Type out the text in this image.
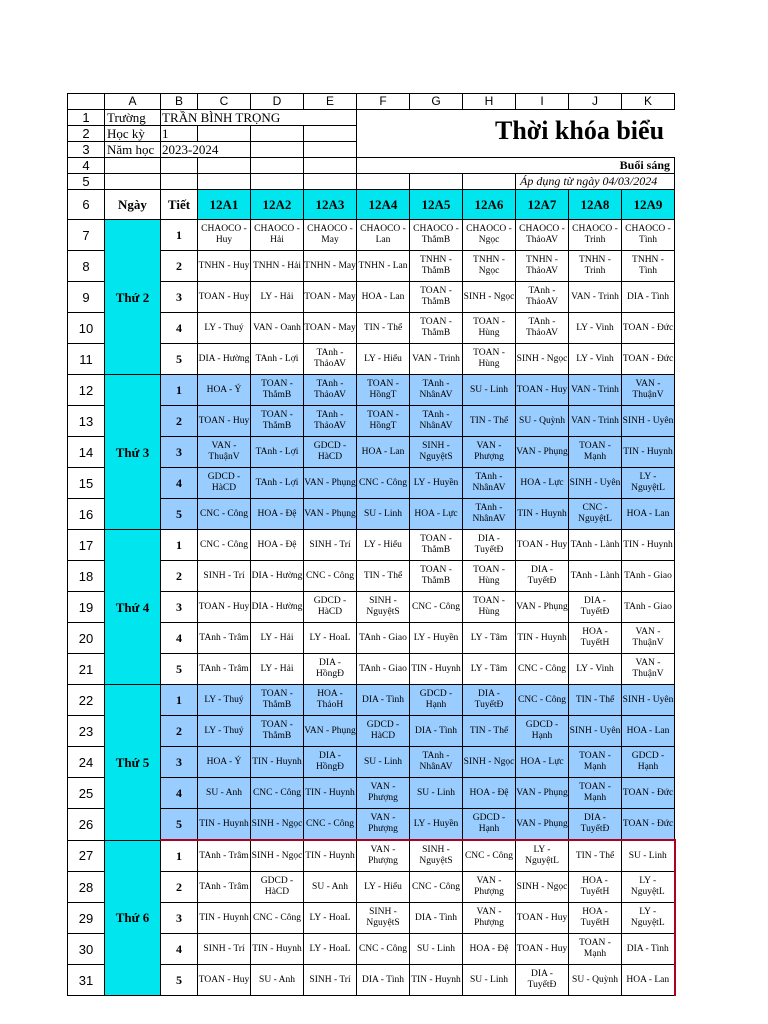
	A	B	C	D	E	F	G	H	I	J	K
1	Trường	TRẦN BÌNH TRỌNG				Thời khóa biểu					

2	Học kỳ	1									
3	Năm học	2023-2024									
4						Buổi sáng					
5									Áp dụng từ ngày 04/03/2024		
6	Ngày	Tiết	12A1	12A2	12A3	12A4	12A5	12A6	12A7	12A8	12A9
7	Thứ 2	1	CHAOCO - Huy	CHAOCO - Hải	CHAOCO - May	CHAOCO - Lan	CHAOCO - ThắmB	CHAOCO - Ngọc	CHAOCO - ThảoAV	CHAOCO - Trinh	CHAOCO - Tình
8		2	TNHN - Huy	TNHN - Hải	TNHN - May	TNHN - Lan	TNHN - ThắmB	TNHN - Ngọc	TNHN - ThảoAV	TNHN - Trinh	TNHN - Tình
9		3	TOAN - Huy	LY - Hải	TOAN - May	HOA - Lan	TOAN - ThắmB	SINH - Ngọc	TAnh - ThảoAV	VAN - Trinh	DIA - Tình
10		4	LY - Thuý	VAN - Oanh	TOAN - May	TIN - Thể	TOAN - ThắmB	TOAN - Hùng	TAnh - ThảoAV	LY - Vinh	TOAN - Đức
11		5	DIA - Hường	TAnh - Lợi	TAnh - ThảoAV	LY - Hiểu	VAN - Trinh	TOAN - Hùng	SINH - Ngọc	LY - Vinh	TOAN - Đức
12	Thứ 3	1	HOA - Ý	TOAN - ThắmB	TAnh - ThảoAV	TOAN - HồngT	TAnh - NhânAV	SU - Linh	TOAN - Huy	VAN - Trinh	VAN - ThuậnV
13		2	TOAN - Huy	TOAN - ThắmB	TAnh - ThảoAV	TOAN - HồngT	TAnh - NhânAV	TIN - Thể	SU - Quỳnh	VAN - Trinh	SINH - Uyên
14		3	VAN - ThuậnV	TAnh - Lợi	GDCD - HàCD	HOA - Lan	SINH - NguyệtS	VAN - Phượng	VAN - Phụng	TOAN - Mạnh	TIN - Huynh
15		4	GDCD - HàCD	TAnh - Lợi	VAN - Phụng	CNC - Công	LY - Huyền	TAnh - NhânAV	HOA - Lực	SINH - Uyên	LY - NguyệtL
16		5	CNC - Công	HOA - Đệ	VAN - Phụng	SU - Linh	HOA - Lực	TAnh - NhânAV	TIN - Huynh	CNC - NguyệtL	HOA - Lan
17	Thứ 4	1	CNC - Công	HOA - Đệ	SINH - Trí	LY - Hiểu	TOAN - ThắmB	DIA - TuyếtĐ	TOAN - Huy	TAnh - Lành	TIN - Huynh
18		2	SINH - Trí	DIA - Hường	CNC - Công	TIN - Thể	TOAN - ThắmB	TOAN - Hùng	DIA - TuyếtĐ	TAnh - Lành	TAnh - Giao
19		3	TOAN - Huy	DIA - Hường	GDCD - HàCD	SINH - NguyệtS	CNC - Công	TOAN - Hùng	VAN - Phụng	DIA - TuyếtĐ	TAnh - Giao
20		4	TAnh - Trâm	LY - Hải	LY - HoaL	TAnh - Giao	LY - Huyền	LY - Tâm	TIN - Huynh	HOA - TuyếtH	VAN - ThuậnV
21		5	TAnh - Trâm	LY - Hải	DIA - HồngĐ	TAnh - Giao	TIN - Huynh	LY - Tâm	CNC - Công	LY - Vinh	VAN - ThuậnV
22	Thứ 5	1	LY - Thuý	TOAN - ThắmB	HOA - ThảoH	DIA - Tình	GDCD - Hạnh	DIA - TuyếtĐ	CNC - Công	TIN - Thể	SINH - Uyên
23		2	LY - Thuý	TOAN - ThắmB	VAN - Phụng	GDCD - HàCD	DIA - Tình	TIN - Thể	GDCD - Hạnh	SINH - Uyên	HOA - Lan
24		3	HOA - Ý	TIN - Huynh	DIA - HồngĐ	SU - Linh	TAnh - NhânAV	SINH - Ngọc	HOA - Lực	TOAN - Mạnh	GDCD - Hạnh
25		4	SU - Anh	CNC - Công	TIN - Huynh	VAN - Phượng	SU - Linh	HOA - Đệ	VAN - Phụng	TOAN - Mạnh	TOAN - Đức
26		5	TIN - Huynh	SINH - Ngọc	CNC - Công	VAN - Phượng	LY - Huyền	GDCD - Hạnh	VAN - Phụng	DIA - TuyếtĐ	TOAN - Đức
27	Thứ 6	1	TAnh - Trâm	SINH - Ngọc	TIN - Huynh	VAN - Phượng	SINH - NguyệtS	CNC - Công	LY - NguyệtL	TIN - Thể	SU - Linh
28		2	TAnh - Trâm	GDCD - HàCD	SU - Anh	LY - Hiểu	CNC - Công	VAN - Phượng	SINH - Ngọc	HOA - TuyếtH	LY - NguyệtL
29		3	TIN - Huynh	CNC - Công	LY - HoaL	SINH - NguyệtS	DIA - Tình	VAN - Phượng	TOAN - Huy	HOA - TuyếtH	LY - NguyệtL
30		4	SINH - Trí	TIN - Huynh	LY - HoaL	CNC - Công	SU - Linh	HOA - Đệ	TOAN - Huy	TOAN - Mạnh	DIA - Tình
31		5	TOAN - Huy	SU - Anh	SINH - Trí	DIA - Tình	TIN - Huynh	SU - Linh	DIA - TuyếtĐ	SU - Quỳnh	HOA - Lan
